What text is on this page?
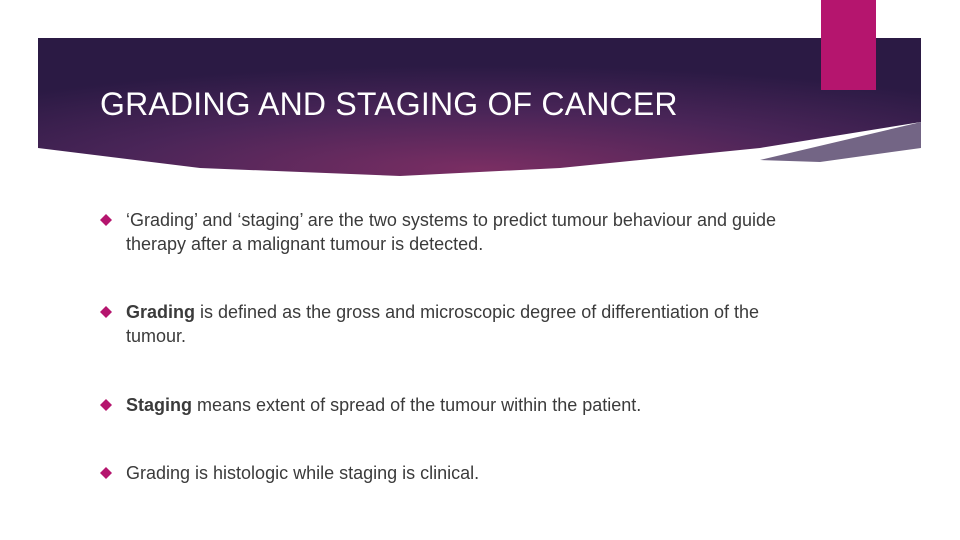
GRADING AND STAGING OF CANCER

‘Grading’ and ‘staging’ are the two systems to predict tumour behaviour and guide therapy after a malignant tumour is detected.

Grading is defined as the gross and microscopic degree of differentiation of the tumour.

Staging means extent of spread of the tumour within the patient.

Grading is histologic while staging is clinical.
